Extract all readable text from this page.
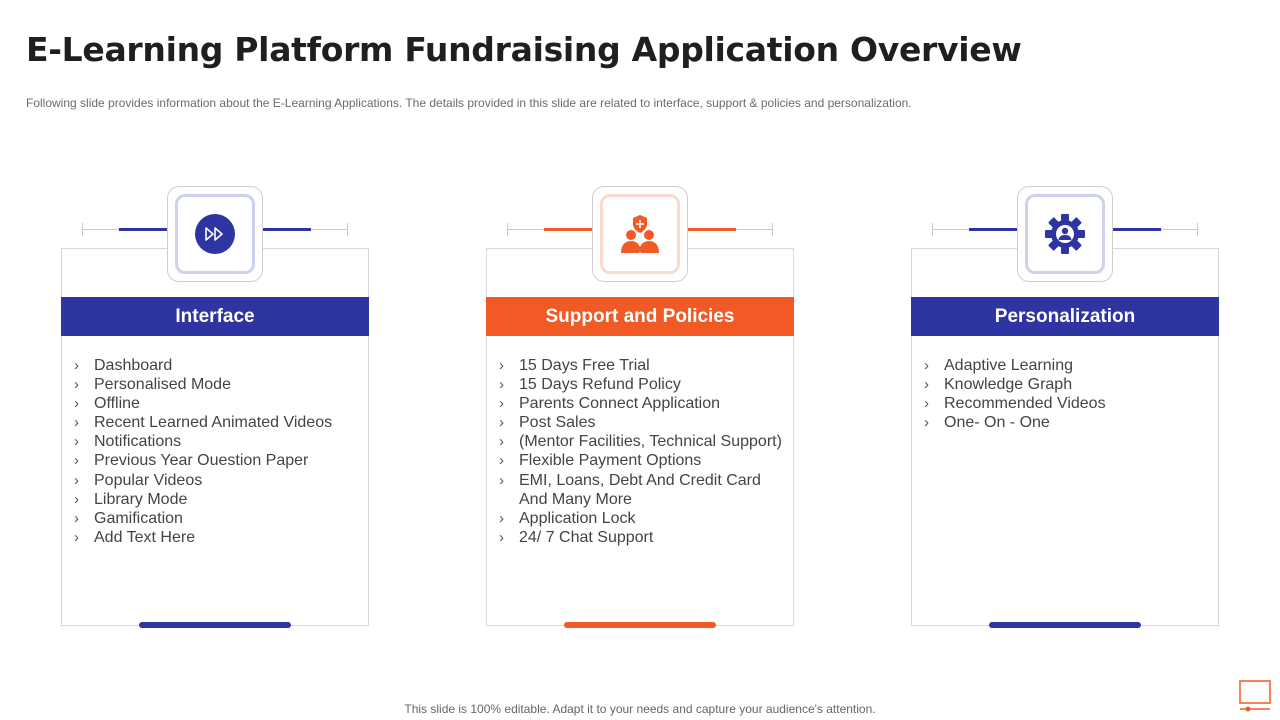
E-Learning Platform Fundraising Application Overview
Following slide provides information about the E-Learning Applications. The details provided in this slide are related to interface, support & policies and personalization.
Interface
› Dashboard
› Personalised Mode
› Offline
› Recent Learned Animated Videos
› Notifications
› Previous Year Ouestion Paper
› Popular Videos
› Library Mode
› Gamification
› Add Text Here
Support and Policies
› 15 Days Free Trial
› 15 Days Refund Policy
› Parents Connect Application
› Post Sales
› (Mentor Facilities, Technical Support)
› Flexible Payment Options
› EMI, Loans, Debt And Credit Card
And Many More
› Application Lock
› 24/ 7 Chat Support
Personalization
› Adaptive Learning
› Knowledge Graph
› Recommended Videos
› One- On - One
This slide is 100% editable. Adapt it to your needs and capture your audience's attention.
